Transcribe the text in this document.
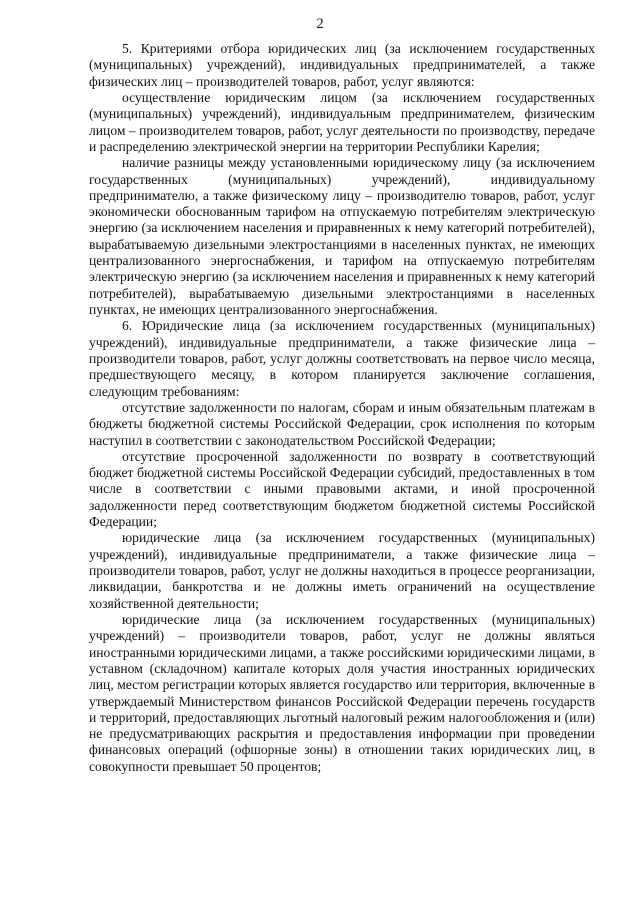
2

5. Критериями отбора юридических лиц (за исключением государственных (муниципальных) учреждений), индивидуальных предпринимателей, а также физических лиц – производителей товаров, работ, услуг являются:

осуществление юридическим лицом (за исключением государственных (муниципальных) учреждений), индивидуальным предпринимателем, физическим лицом – производителем товаров, работ, услуг деятельности по производству, передаче и распределению электрической энергии на территории Республики Карелия;

наличие разницы между установленными юридическому лицу (за исключением государственных (муниципальных) учреждений), индивидуальному предпринимателю, а также физическому лицу – производителю товаров, работ, услуг экономически обоснованным тарифом на отпускаемую потребителям электрическую энергию (за исключением населения и приравненных к нему категорий потребителей), вырабатываемую дизельными электростанциями в населенных пунктах, не имеющих централизованного энергоснабжения, и тарифом на отпускаемую потребителям электрическую энергию (за исключением населения и приравненных к нему категорий потребителей), вырабатываемую дизельными электростанциями в населенных пунктах, не имеющих централизованного энергоснабжения.

6. Юридические лица (за исключением государственных (муниципальных) учреждений), индивидуальные предприниматели, а также физические лица – производители товаров, работ, услуг должны соответствовать на первое число месяца, предшествующего месяцу, в котором планируется заключение соглашения, следующим требованиям:

отсутствие задолженности по налогам, сборам и иным обязательным платежам в бюджеты бюджетной системы Российской Федерации, срок исполнения по которым наступил в соответствии с законодательством Российской Федерации;

отсутствие просроченной задолженности по возврату в соответствующий бюджет бюджетной системы Российской Федерации субсидий, предоставленных в том числе в соответствии с иными правовыми актами, и иной просроченной задолженности перед соответствующим бюджетом бюджетной системы Российской Федерации;

юридические лица (за исключением государственных (муниципальных) учреждений), индивидуальные предприниматели, а также физические лица – производители товаров, работ, услуг не должны находиться в процессе реорганизации, ликвидации, банкротства и не должны иметь ограничений на осуществление хозяйственной деятельности;

юридические лица (за исключением государственных (муниципальных) учреждений) – производители товаров, работ, услуг не должны являться иностранными юридическими лицами, а также российскими юридическими лицами, в уставном (складочном) капитале которых доля участия иностранных юридических лиц, местом регистрации которых является государство или территория, включенные в утверждаемый Министерством финансов Российской Федерации перечень государств и территорий, предоставляющих льготный налоговый режим налогообложения и (или) не предусматривающих раскрытия и предоставления информации при проведении финансовых операций (офшорные зоны) в отношении таких юридических лиц, в совокупности превышает 50 процентов;
